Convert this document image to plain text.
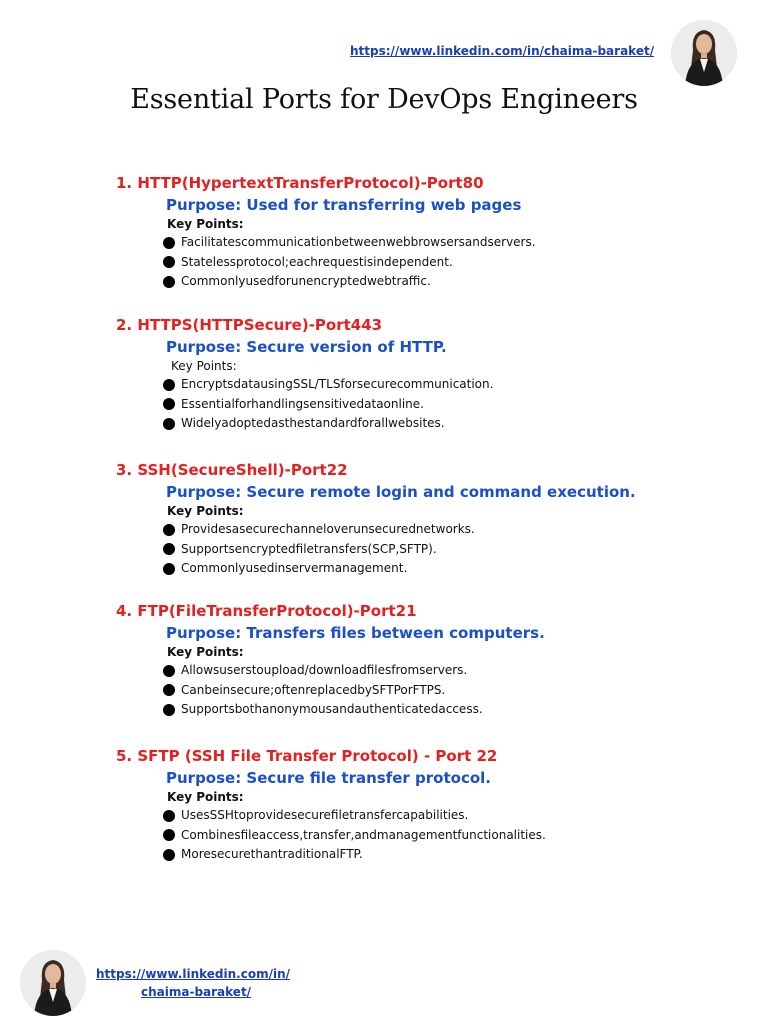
https://www.linkedin.com/in/chaima-baraket/
Essential Ports for DevOps Engineers

1. HTTP(HypertextTransferProtocol)-Port80

Purpose: Used for transferring web pages

Key Points:

Facilitatescommunicationbetweenwebbrowsersandservers.
Statelessprotocol;eachrequestisindependent.
Commonlyusedforunencryptedwebtraffic.

2. HTTPS(HTTPSecure)-Port443

Purpose: Secure version of HTTP.

Key Points:

EncryptsdatausingSSL/TLSforsecurecommunication.
Essentialforhandlingsensitivedataonline.
Widelyadoptedasthestandardforallwebsites.

3. SSH(SecureShell)-Port22

Purpose: Secure remote login and command execution.

Key Points:

Providesasecurechanneloverunsecurednetworks.
Supportsencryptedfiletransfers(SCP,SFTP).
Commonlyusedinservermanagement.

4. FTP(FileTransferProtocol)-Port21

Purpose: Transfers files between computers.

Key Points:

Allowsuserstoupload/downloadfilesfromservers.
Canbeinsecure;oftenreplacedbySFTPorFTPS.
Supportsbothanonymousandauthenticatedaccess.

5. SFTP (SSH File Transfer Protocol) - Port 22

Purpose: Secure file transfer protocol.

Key Points:

UsesSSHtoprovidesecurefiletransfercapabilities.
Combinesfileaccess,transfer,andmanagementfunctionalities.
MoresecurethantraditionalFTP.
https://www.linkedin.com/in/
chaima-baraket/
